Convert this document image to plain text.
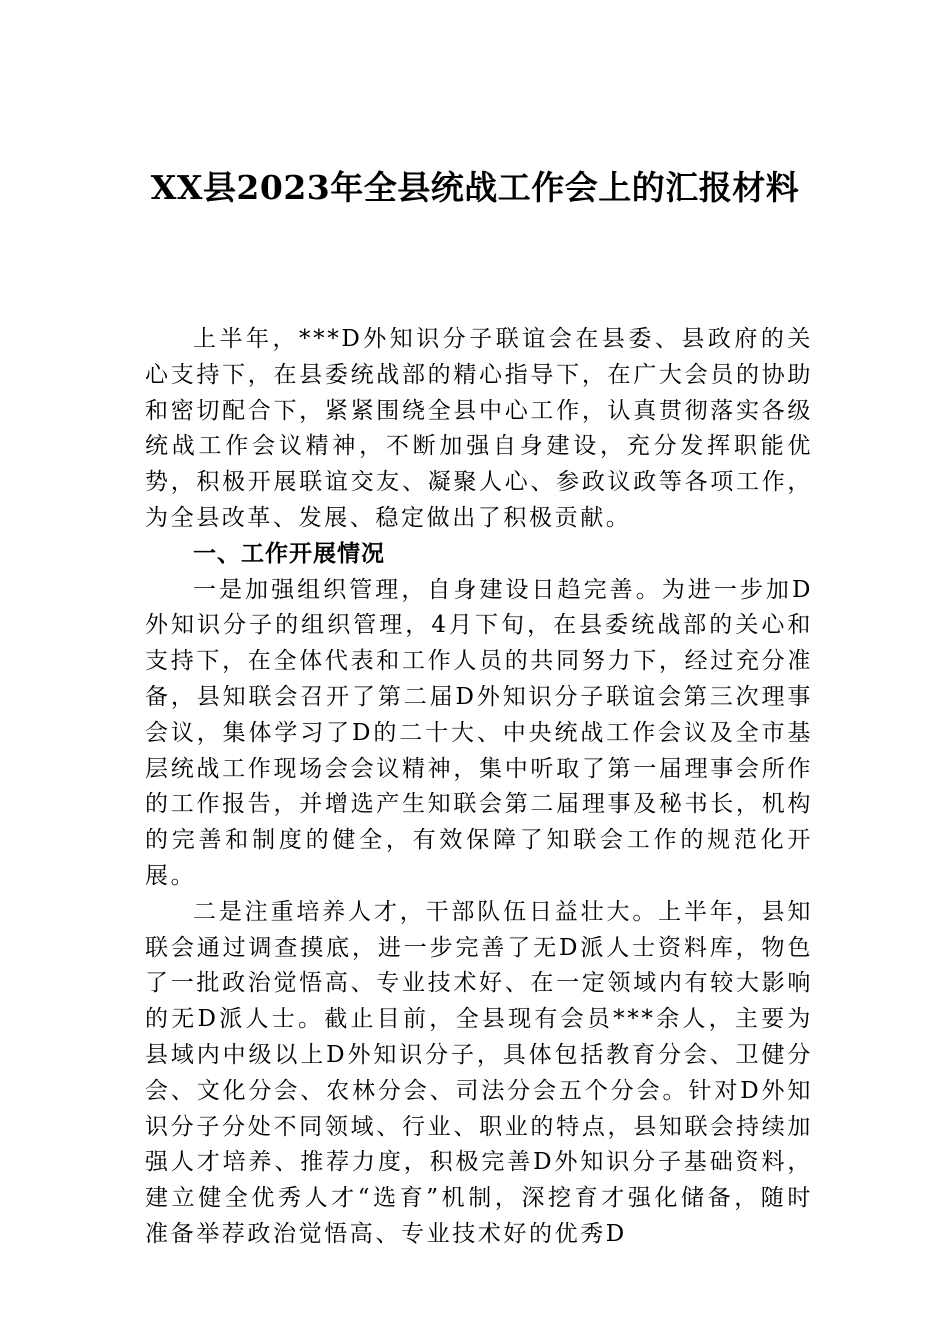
XX县2023年全县统战工作会上的汇报材料

上半年，***D外知识分子联谊会在县委、县政府的关心支持下，在县委统战部的精心指导下，在广大会员的协助和密切配合下，紧紧围绕全县中心工作，认真贯彻落实各级统战工作会议精神，不断加强自身建设，充分发挥职能优势，积极开展联谊交友、凝聚人心、参政议政等各项工作，为全县改革、发展、稳定做出了积极贡献。

一、工作开展情况

一是加强组织管理，自身建设日趋完善。为进一步加D外知识分子的组织管理，4月下旬，在县委统战部的关心和支持下，在全体代表和工作人员的共同努力下，经过充分准备，县知联会召开了第二届D外知识分子联谊会第三次理事会议，集体学习了D的二十大、中央统战工作会议及全市基层统战工作现场会会议精神，集中听取了第一届理事会所作的工作报告，并增选产生知联会第二届理事及秘书长，机构的完善和制度的健全，有效保障了知联会工作的规范化开展。

二是注重培养人才，干部队伍日益壮大。上半年，县知联会通过调查摸底，进一步完善了无D派人士资料库，物色了一批政治觉悟高、专业技术好、在一定领域内有较大影响的无D派人士。截止目前，全县现有会员***余人，主要为县域内中级以上D外知识分子，具体包括教育分会、卫健分会、文化分会、农林分会、司法分会五个分会。针对D外知识分子分处不同领域、行业、职业的特点，县知联会持续加强人才培养、推荐力度，积极完善D外知识分子基础资料，建立健全优秀人才“选育”机制，深挖育才强化储备，随时准备举荐政治觉悟高、专业技术好的优秀D
